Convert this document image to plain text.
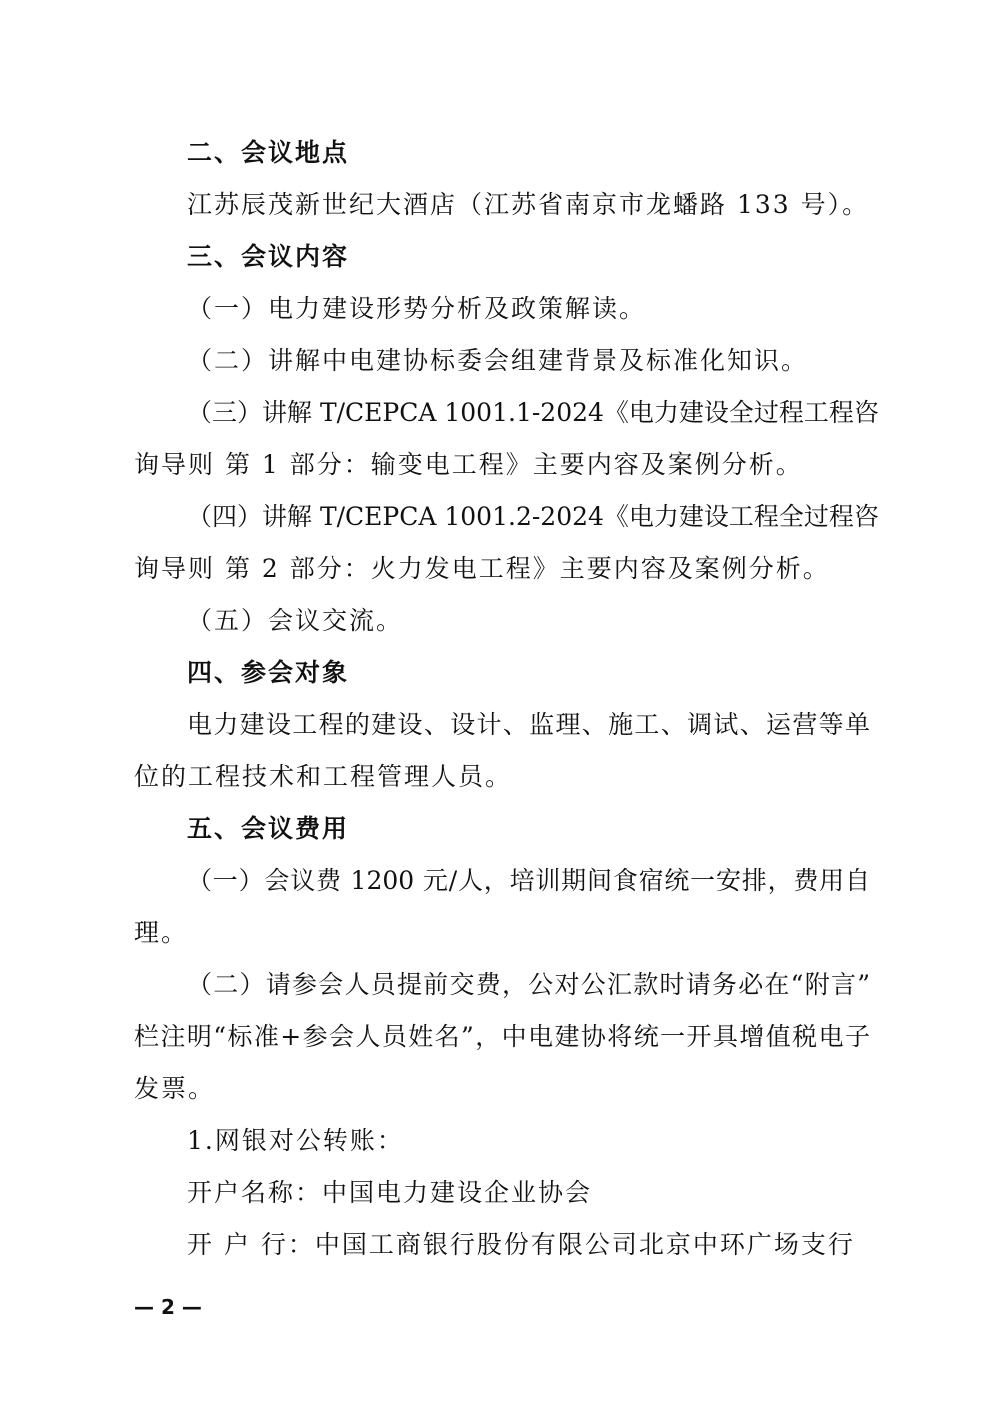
二、会议地点
江苏辰茂新世纪大酒店（江苏省南京市龙蟠路 133 号）。
三、会议内容
（一）电力建设形势分析及政策解读。
（二）讲解中电建协标委会组建背景及标准化知识。
（三）讲解 T/CEPCA 1001.1-2024《电力建设全过程工程咨
询导则 第 1 部分：输变电工程》主要内容及案例分析。
（四）讲解 T/CEPCA 1001.2-2024《电力建设工程全过程咨
询导则 第 2 部分：火力发电工程》主要内容及案例分析。
（五）会议交流。
四、参会对象
电力建设工程的建设、设计、监理、施工、调试、运营等单
位的工程技术和工程管理人员。
五、会议费用
（一）会议费 1200 元/人，培训期间食宿统一安排，费用自
理。
（二）请参会人员提前交费，公对公汇款时请务必在“附言”
栏注明“标准+参会人员姓名”，中电建协将统一开具增值税电子
发票。
1.网银对公转账：
开户名称：中国电力建设企业协会
开 户 行：中国工商银行股份有限公司北京中环广场支行
— 2 —
